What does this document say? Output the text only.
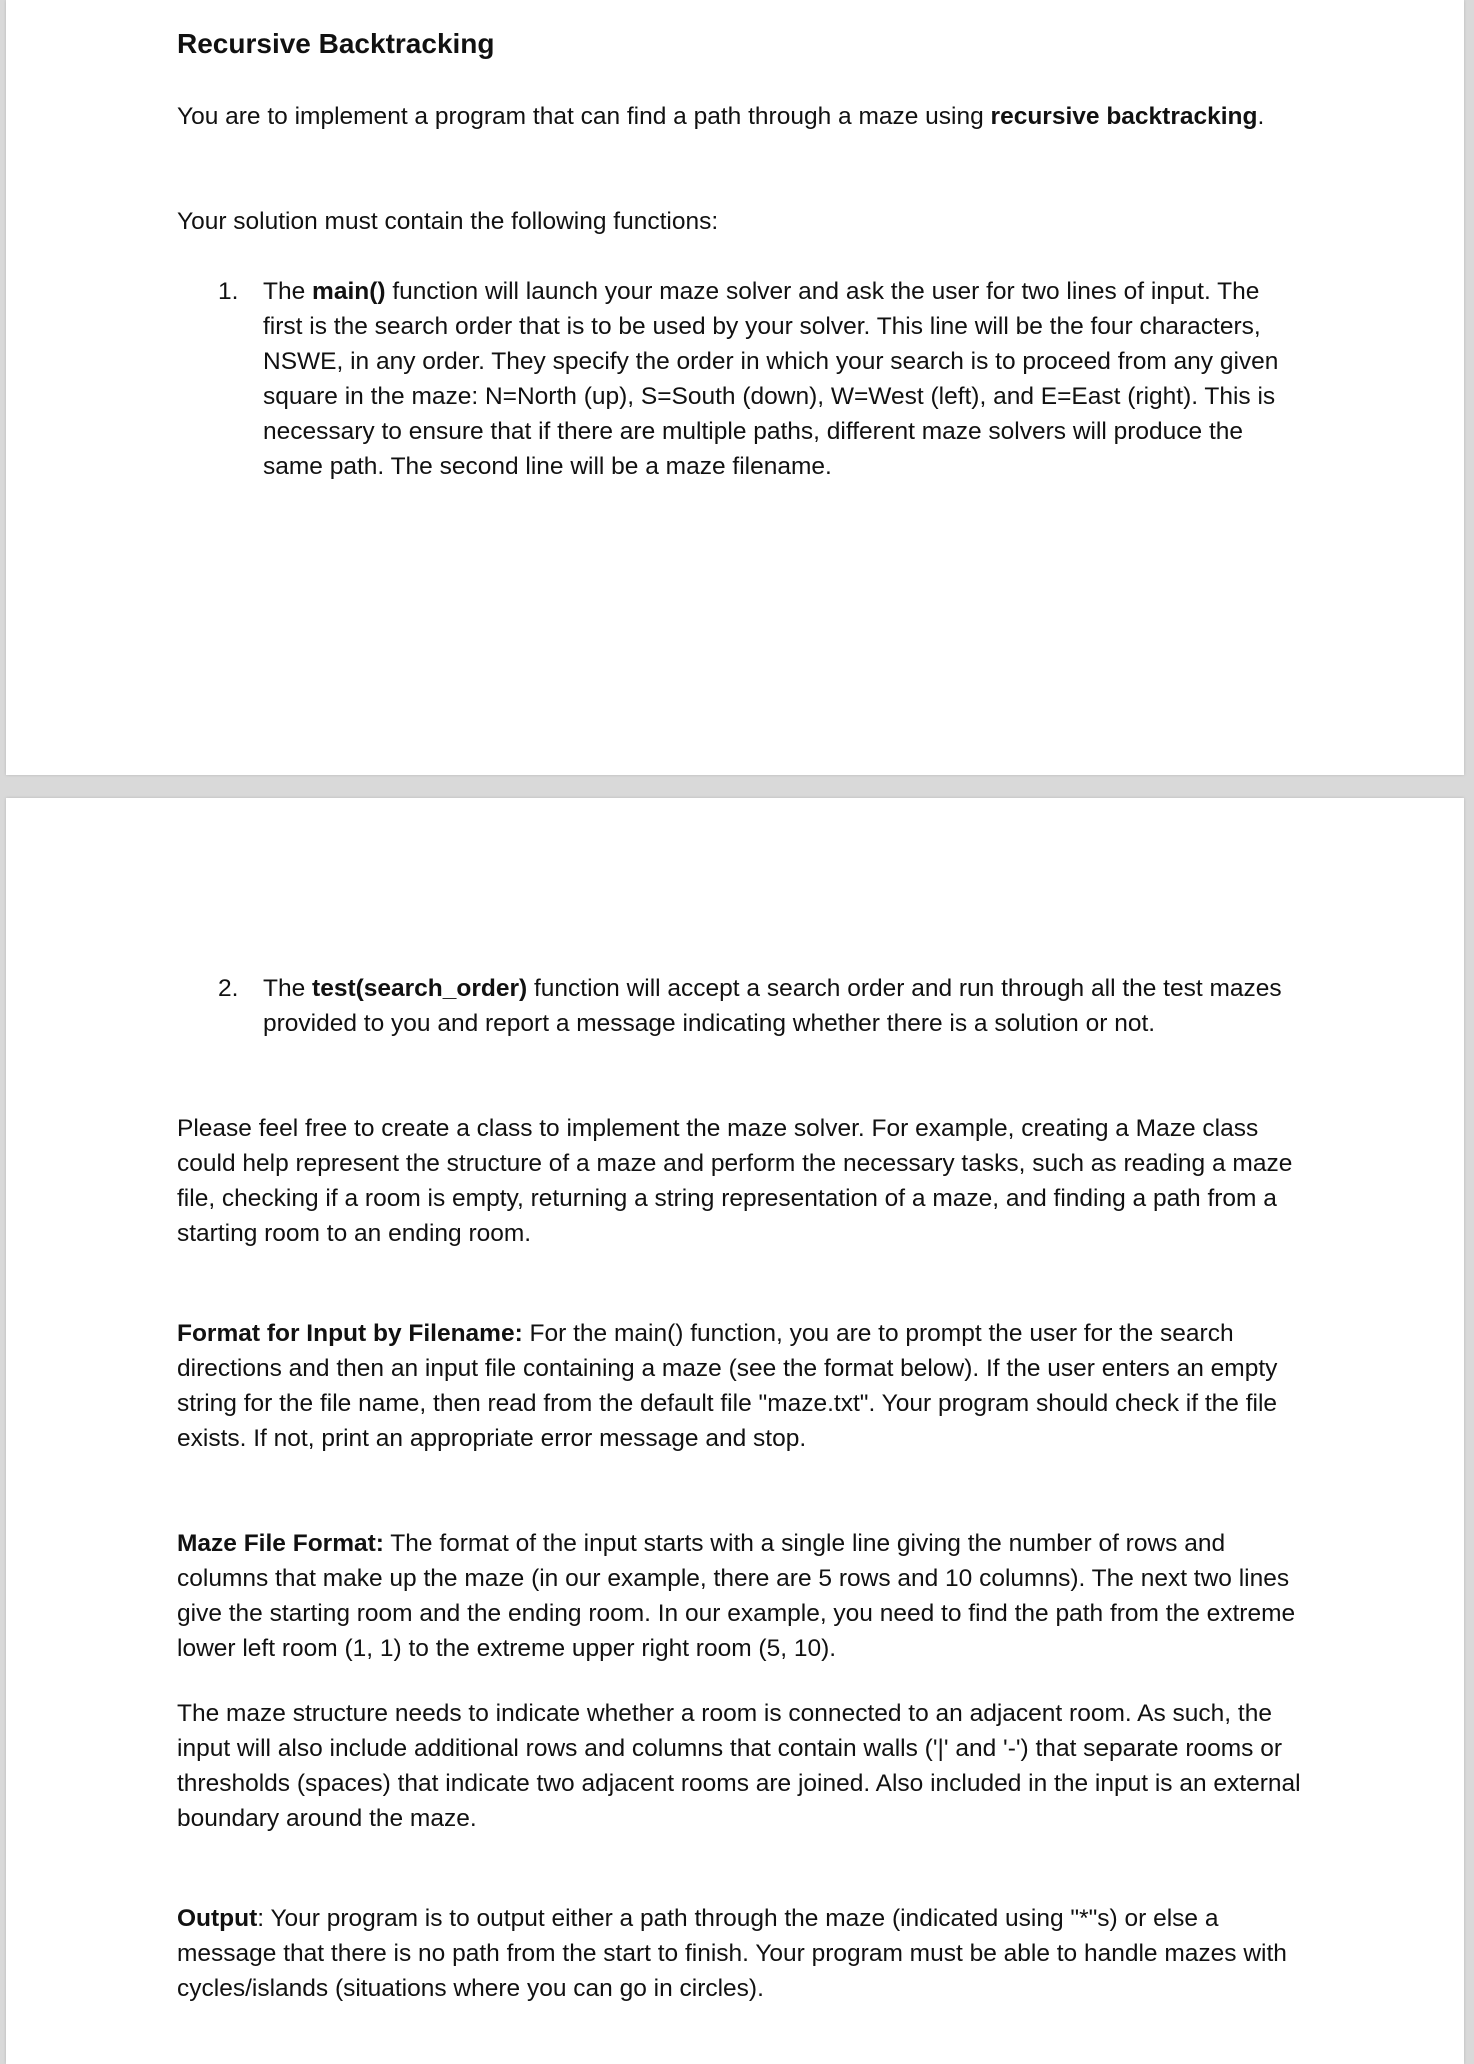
Recursive Backtracking

You are to implement a program that can find a path through a maze using recursive backtracking.

Your solution must contain the following functions:

1. The main() function will launch your maze solver and ask the user for two lines of input. The first is the search order that is to be used by your solver. This line will be the four characters, NSWE, in any order. They specify the order in which your search is to proceed from any given square in the maze: N=North (up), S=South (down), W=West (left), and E=East (right). This is necessary to ensure that if there are multiple paths, different maze solvers will produce the same path. The second line will be a maze filename.

2. The test(search_order) function will accept a search order and run through all the test mazes provided to you and report a message indicating whether there is a solution or not.

Please feel free to create a class to implement the maze solver. For example, creating a Maze class could help represent the structure of a maze and perform the necessary tasks, such as reading a maze file, checking if a room is empty, returning a string representation of a maze, and finding a path from a starting room to an ending room.

Format for Input by Filename: For the main() function, you are to prompt the user for the search directions and then an input file containing a maze (see the format below). If the user enters an empty string for the file name, then read from the default file "maze.txt". Your program should check if the file exists. If not, print an appropriate error message and stop.

Maze File Format: The format of the input starts with a single line giving the number of rows and columns that make up the maze (in our example, there are 5 rows and 10 columns). The next two lines give the starting room and the ending room. In our example, you need to find the path from the extreme lower left room (1, 1) to the extreme upper right room (5, 10).

The maze structure needs to indicate whether a room is connected to an adjacent room. As such, the input will also include additional rows and columns that contain walls ('|' and '-') that separate rooms or thresholds (spaces) that indicate two adjacent rooms are joined. Also included in the input is an external boundary around the maze.

Output: Your program is to output either a path through the maze (indicated using "*"s) or else a message that there is no path from the start to finish. Your program must be able to handle mazes with cycles/islands (situations where you can go in circles).
